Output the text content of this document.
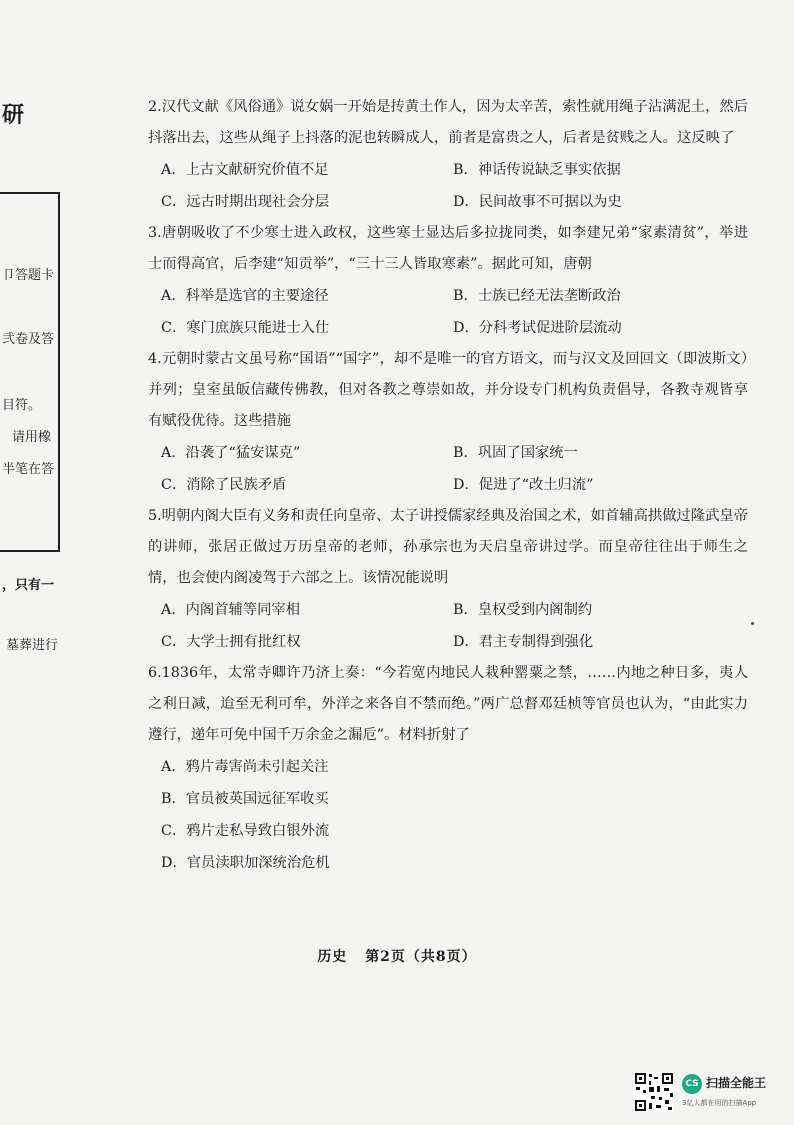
研
卩答题卡
弐卷及答
目符。
请用橡
半笔在答
，只有一
墓葬进行

2.汉代文献《风俗通》说女娲一开始是抟黄土作人，因为太辛苦，索性就用绳子沾满泥土，然后抖落出去，这些从绳子上抖落的泥也转瞬成人，前者是富贵之人，后者是贫贱之人。这反映了

A．上古文献研究价值不足	B．神话传说缺乏事实依据
C．远古时期出现社会分层	D．民间故事不可据以为史

3.唐朝吸收了不少寒士进入政权，这些寒士显达后多拉拢同类，如李建兄弟“家素清贫”，举进士而得高官，后李建“知贡举”，“三十三人皆取寒素”。据此可知，唐朝

A．科举是选官的主要途径	B．士族已经无法垄断政治
C．寒门庶族只能进士入仕	D．分科考试促进阶层流动

4.元朝时蒙古文虽号称“国语”“国字”，却不是唯一的官方语文，而与汉文及回回文（即波斯文）并列；皇室虽皈信藏传佛教，但对各教之尊崇如故，并分设专门机构负责倡导，各教寺观皆享有赋役优待。这些措施

A．沿袭了“猛安谋克”	B．巩固了国家统一
C．消除了民族矛盾	D．促进了“改土归流”

5.明朝内阁大臣有义务和责任向皇帝、太子讲授儒家经典及治国之术，如首辅高拱做过隆武皇帝的讲师，张居正做过万历皇帝的老师，孙承宗也为天启皇帝讲过学。而皇帝往往出于师生之情，也会使内阁凌驾于六部之上。该情况能说明

A．内阁首辅等同宰相	B．皇权受到内阁制约
C．大学士拥有批红权	D．君主专制得到强化

6.1836年，太常寺卿许乃济上奏：“今若宽内地民人栽种罂粟之禁，……内地之种日多，夷人之利日减，迨至无利可牟，外洋之来各自不禁而绝。”两广总督邓廷桢等官员也认为，“由此实力遵行，递年可免中国千万余金之漏卮”。材料折射了

A．鸦片毒害尚未引起关注
B．官员被英国远征军收买
C．鸦片走私导致白银外流
D．官员渎职加深统治危机
历史 第2页（共8页）
CS 扫描全能王
3亿人都在用的扫描App
